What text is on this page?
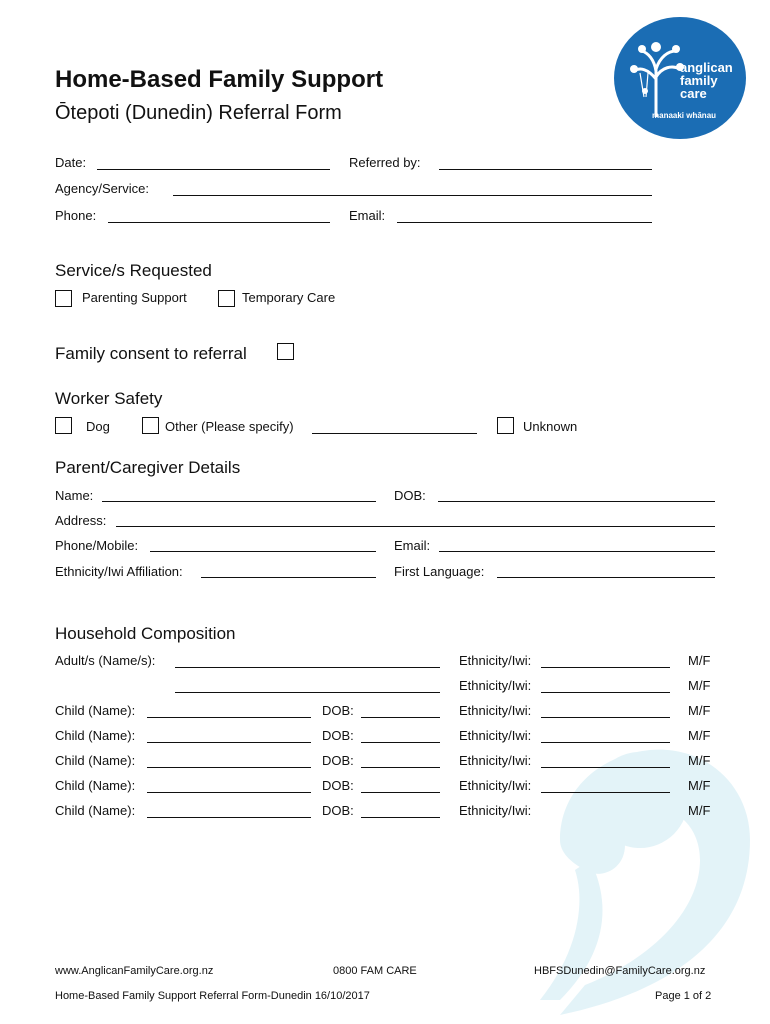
Home-Based Family Support
Ōtepoti (Dunedin) Referral Form
anglican
family
care
manaaki whānau
Date:	Referred by:
Agency/Service:
Phone:	Email:
Service/s Requested
Parenting Support	Temporary Care
Family consent to referral
Worker Safety
Dog	Other (Please specify)	Unknown
Parent/Caregiver Details
Name:	DOB:
Address:
Phone/Mobile:	Email:
Ethnicity/Iwi Affiliation:	First Language:
Household Composition
Adult/s (Name/s):	Ethnicity/Iwi:	M/F
Ethnicity/Iwi:	M/F
Child (Name):	DOB:	Ethnicity/Iwi:	M/F
Child (Name):	DOB:	Ethnicity/Iwi:	M/F
Child (Name):	DOB:	Ethnicity/Iwi:	M/F
Child (Name):	DOB:	Ethnicity/Iwi:	M/F
Child (Name):	DOB:	Ethnicity/Iwi:	M/F
www.AnglicanFamilyCare.org.nz	0800 FAM CARE	HBFSDunedin@FamilyCare.org.nz
Home-Based Family Support Referral Form-Dunedin 16/10/2017	Page 1 of 2
